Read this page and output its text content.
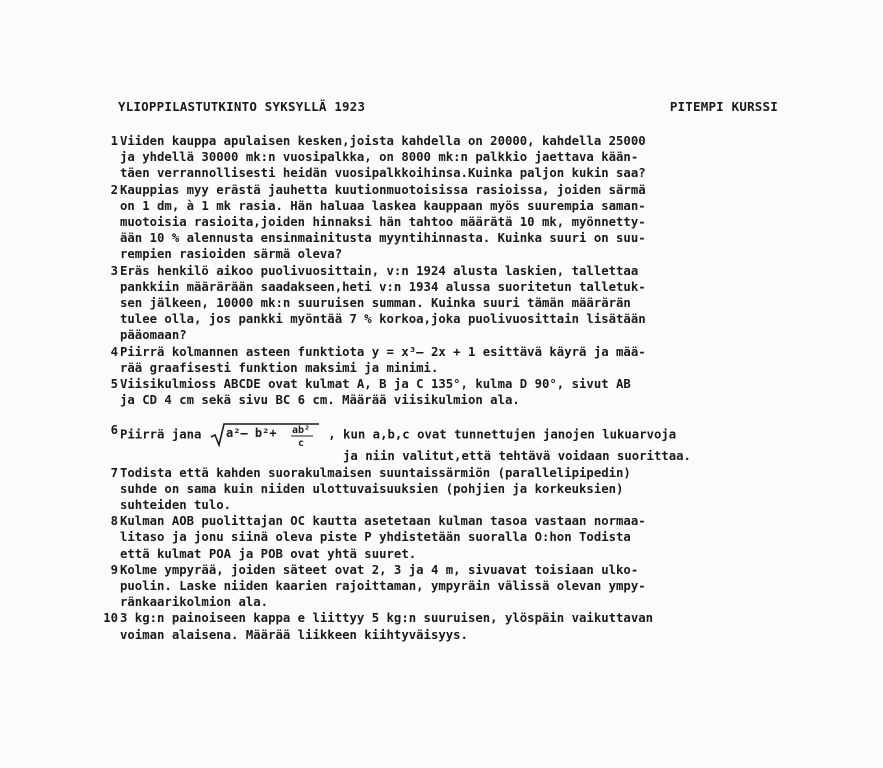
YLIOPPILASTUTKINTO SYKSYLLÄ 1923	PITEMPI KURSSI
1 Viiden kauppa apulaisen kesken,joista kahdella on 20000, kahdella 25000
ja yhdellä 30000 mk:n vuosipalkka, on 8000 mk:n palkkio jaettava kään-
täen verrannollisesti heidän vuosipalkkoihinsa.Kuinka paljon kukin saa?
2 Kauppias myy erästä jauhetta kuutionmuotoisissa rasioissa, joiden särmä
on 1 dm, à 1 mk rasia. Hän haluaa laskea kauppaan myös suurempia saman-
muotoisia rasioita,joiden hinnaksi hän tahtoo määrätä 10 mk, myönnetty-
ään 10 % alennusta ensinmainitusta myyntihinnasta. Kuinka suuri on suu-
rempien rasioiden särmä oleva?
3 Eräs henkilö aikoo puolivuosittain, v:n 1924 alusta laskien, tallettaa
pankkiin määrärään saadakseen,heti v:n 1934 alussa suoritetun talletuk-
sen jälkeen, 10000 mk:n suuruisen summan. Kuinka suuri tämän määrärän
tulee olla, jos pankki myöntää 7 % korkoa,joka puolivuosittain lisätään
pääomaan?
4 Piirrä kolmannen asteen funktiota y = x³— 2x + 1 esittävä käyrä ja mää-
rää graafisesti funktion maksimi ja minimi.
5 Viisikulmioss ABCDE ovat kulmat A, B ja C 135°, kulma D 90°, sivut AB
ja CD 4 cm sekä sivu BC 6 cm. Määrää viisikulmion ala.
6 Piirrä jana a²— b²+ ab²
c
, kun a,b,c ovat tunnettujen janojen lukuarvoja
ja niin valitut,että tehtävä voidaan suorittaa.
7 Todista että kahden suorakulmaisen suuntaissärmiön (parallelipipedin)
suhde on sama kuin niiden ulottuvaisuuksien (pohjien ja korkeuksien)
suhteiden tulo.
8 Kulman AOB puolittajan OC kautta asetetaan kulman tasoa vastaan normaa-
litaso ja jonu siinä oleva piste P yhdistetään suoralla O:hon Todista
että kulmat POA ja POB ovat yhtä suuret.
9 Kolme ympyrää, joiden säteet ovat 2, 3 ja 4 m, sivuavat toisiaan ulko-
puolin. Laske niiden kaarien rajoittaman, ympyräin välissä olevan ympy-
ränkaarikolmion ala.
10 3 kg:n painoiseen kappa e liittyy 5 kg:n suuruisen, ylöspäin vaikuttavan
voiman alaisena. Määrää liikkeen kiihtyväisyys.
